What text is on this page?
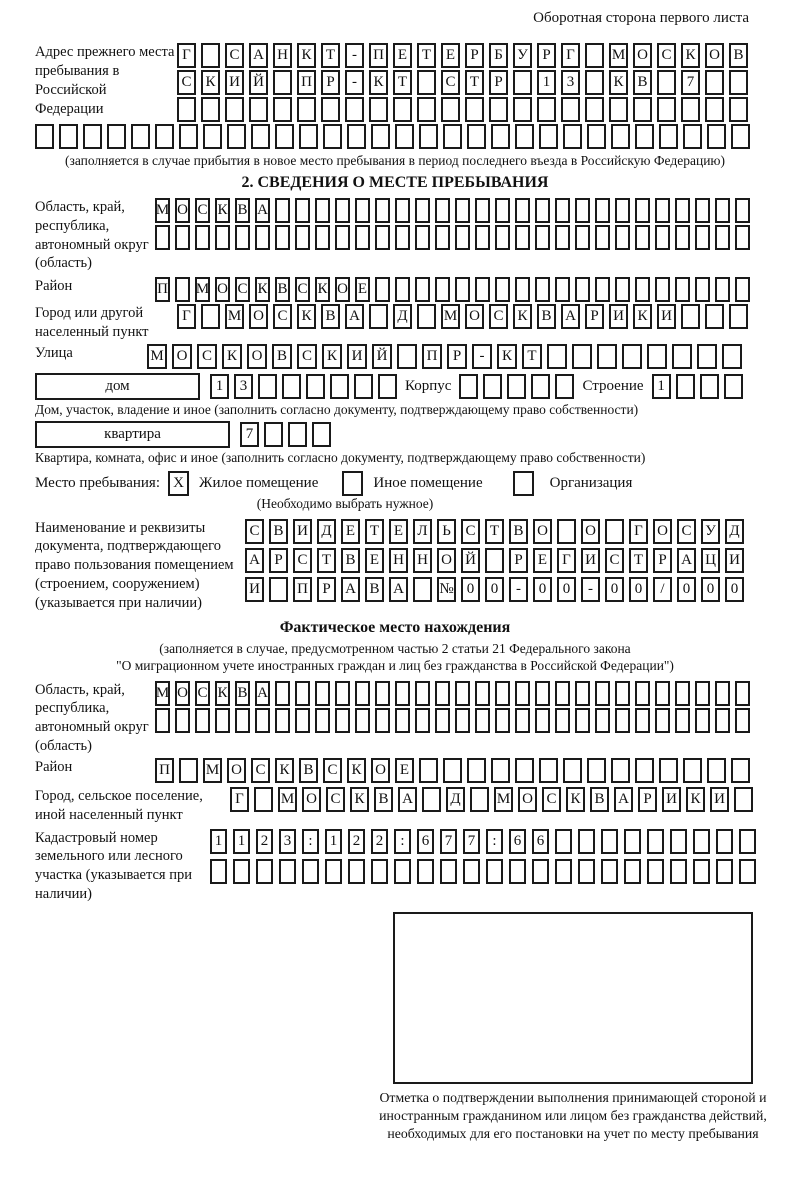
Оборотная сторона первого листа
Адрес прежнего места пребывания в Российской Федерации
Г	С А Н К Т	-	П Е Т Е	Р	Б У Р	Г	М О С К О В
С К И Й П Р	-	К Т	С Т	Р	1	3	К В	7
(заполняется в случае прибытия в новое место пребывания в период последнего въезда в Российскую Федерацию)
2. СВЕДЕНИЯ О МЕСТЕ ПРЕБЫВАНИЯ
Область, край, республика, автономный округ (область)
М О С К В А
Район	П М О С К В С К О Е
Город или другой населенный пункт
Г	М О С К В А Д М О С К В А Р И К И
Улица	М О С К О В С К И Й	П	Р	-	К	Т
дом	1	3	Корпус	Строение 1
Дом, участок, владение и иное (заполнить согласно документу, подтверждающему право собственности)
квартира	7
Квартира, комната, офис и иное (заполнить согласно документу, подтверждающему право собственности)
Место пребывания: X	Жилое помещение	Иное помещение	Организация
(Необходимо выбрать нужное)
Наименование и реквизиты документа, подтверждающего право пользования помещением (строением, сооружением) (указывается при наличии)
С В И Д Е Т Е Л Ь С Т В О О	Г О С У Д
А Р С Т В Е Н Н О Й	Р	Е	Г И С Т	Р А Ц И
И П Р А В А № 0	0	-	0	0	-	0	0	/	0	0	0
Фактическое место нахождения
(заполняется в случае, предусмотренном частью 2 статьи 21 Федерального закона
"О миграционном учете иностранных граждан и лиц без гражданства в Российской Федерации")
Область, край, республика, автономный округ (область)
М О С К В А
Район	П М О С К В С К О Е
Город, сельское поселение, иной населенный пункт
Г	М О С К В А Д М О С К В А Р И К И
Кадастровый номер земельного или лесного участка (указывается при наличии)
1	1	2	3	:	1	2	2	:	6	7	7	:	6	6
Отметка о подтверждении выполнения принимающей стороной и иностранным гражданином или лицом без гражданства действий, необходимых для его постановки на учет по месту пребывания
